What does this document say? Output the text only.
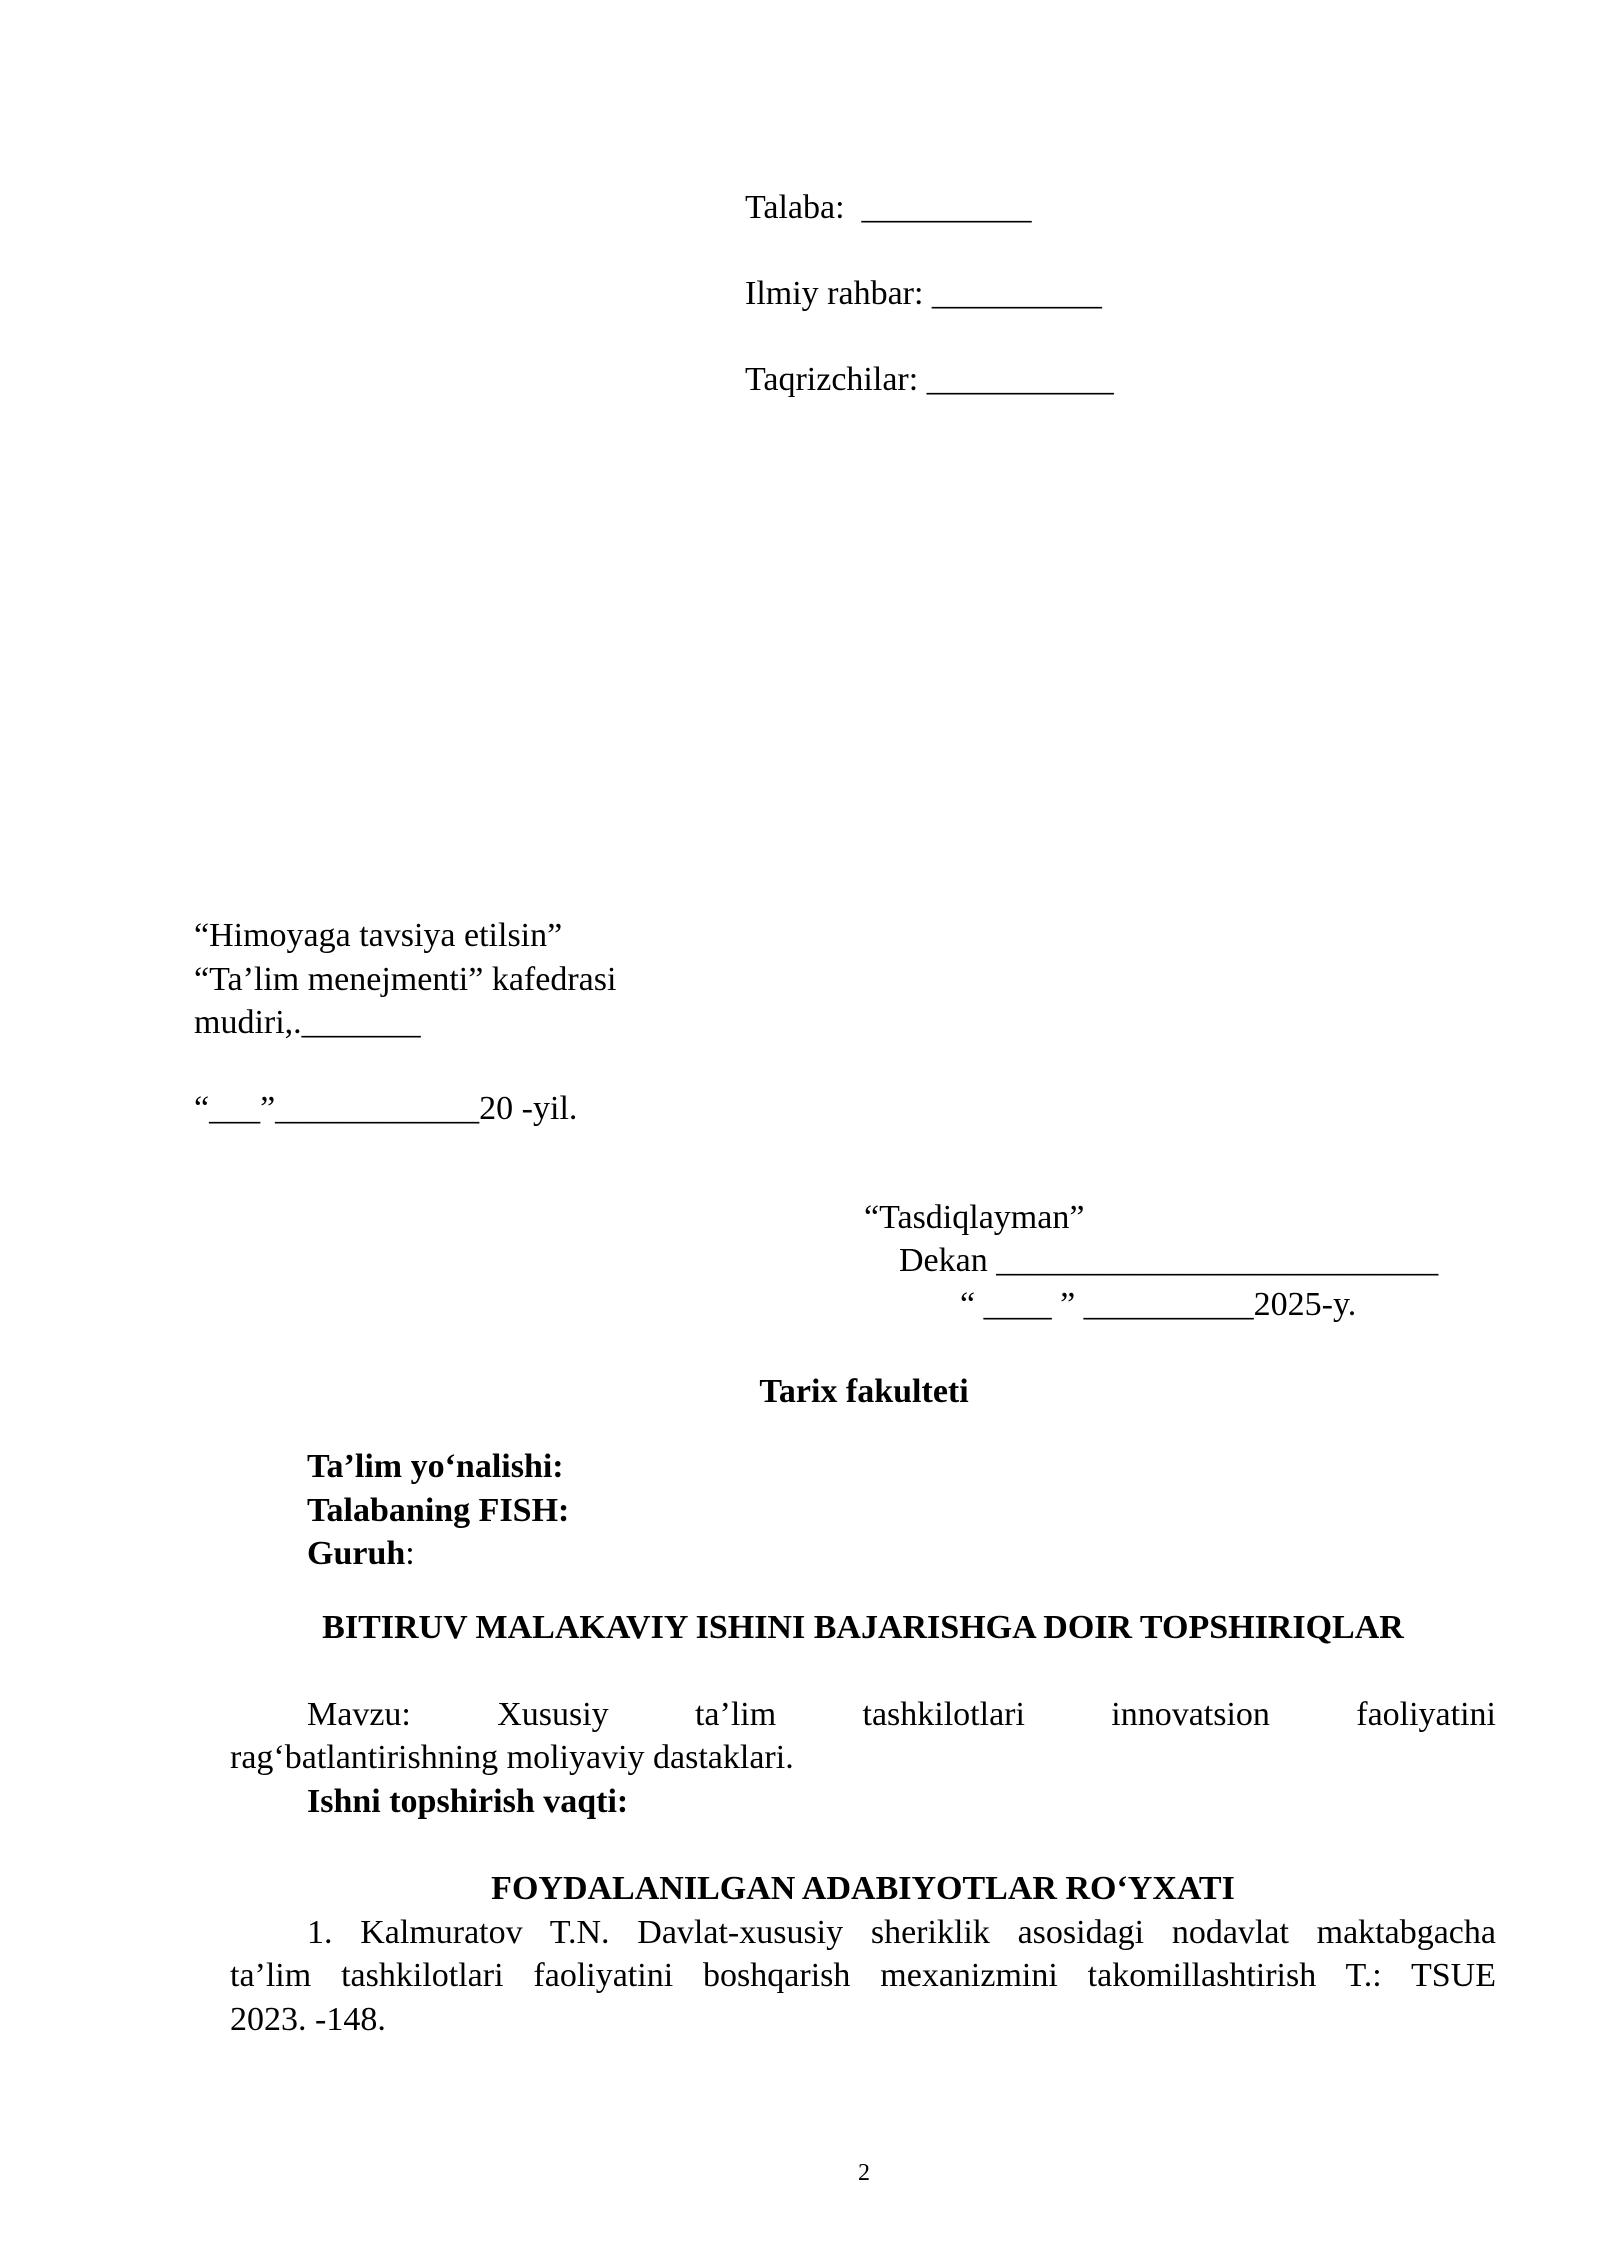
Talaba:  __________
Ilmiy rahbar: __________
Taqrizchilar: ___________
“Himoyaga tavsiya etilsin”
“Ta’lim menejmenti” kafedrasi
mudiri,._______
“___”____________20 -yil.
“Tasdiqlayman”
Dekan __________________________
“ ____ ” __________2025-y.
Tarix fakulteti
Ta’lim yo‘nalishi:
Talabaning FISH:
Guruh:
BITIRUV MALAKAVIY ISHINI BAJARISHGA DOIR TOPSHIRIQLAR
Mavzu: Xususiy ta’lim tashkilotlari innovatsion faoliyatini
rag‘batlantirishning moliyaviy dastaklari.
Ishni topshirish vaqti:
FOYDALANILGAN ADABIYOTLAR RO‘YXATI
1. Kalmuratov T.N. Davlat-xususiy sheriklik asosidagi nodavlat maktabgacha
ta’lim tashkilotlari faoliyatini boshqarish mexanizmini takomillashtirish T.: TSUE
2023. -148.
2
